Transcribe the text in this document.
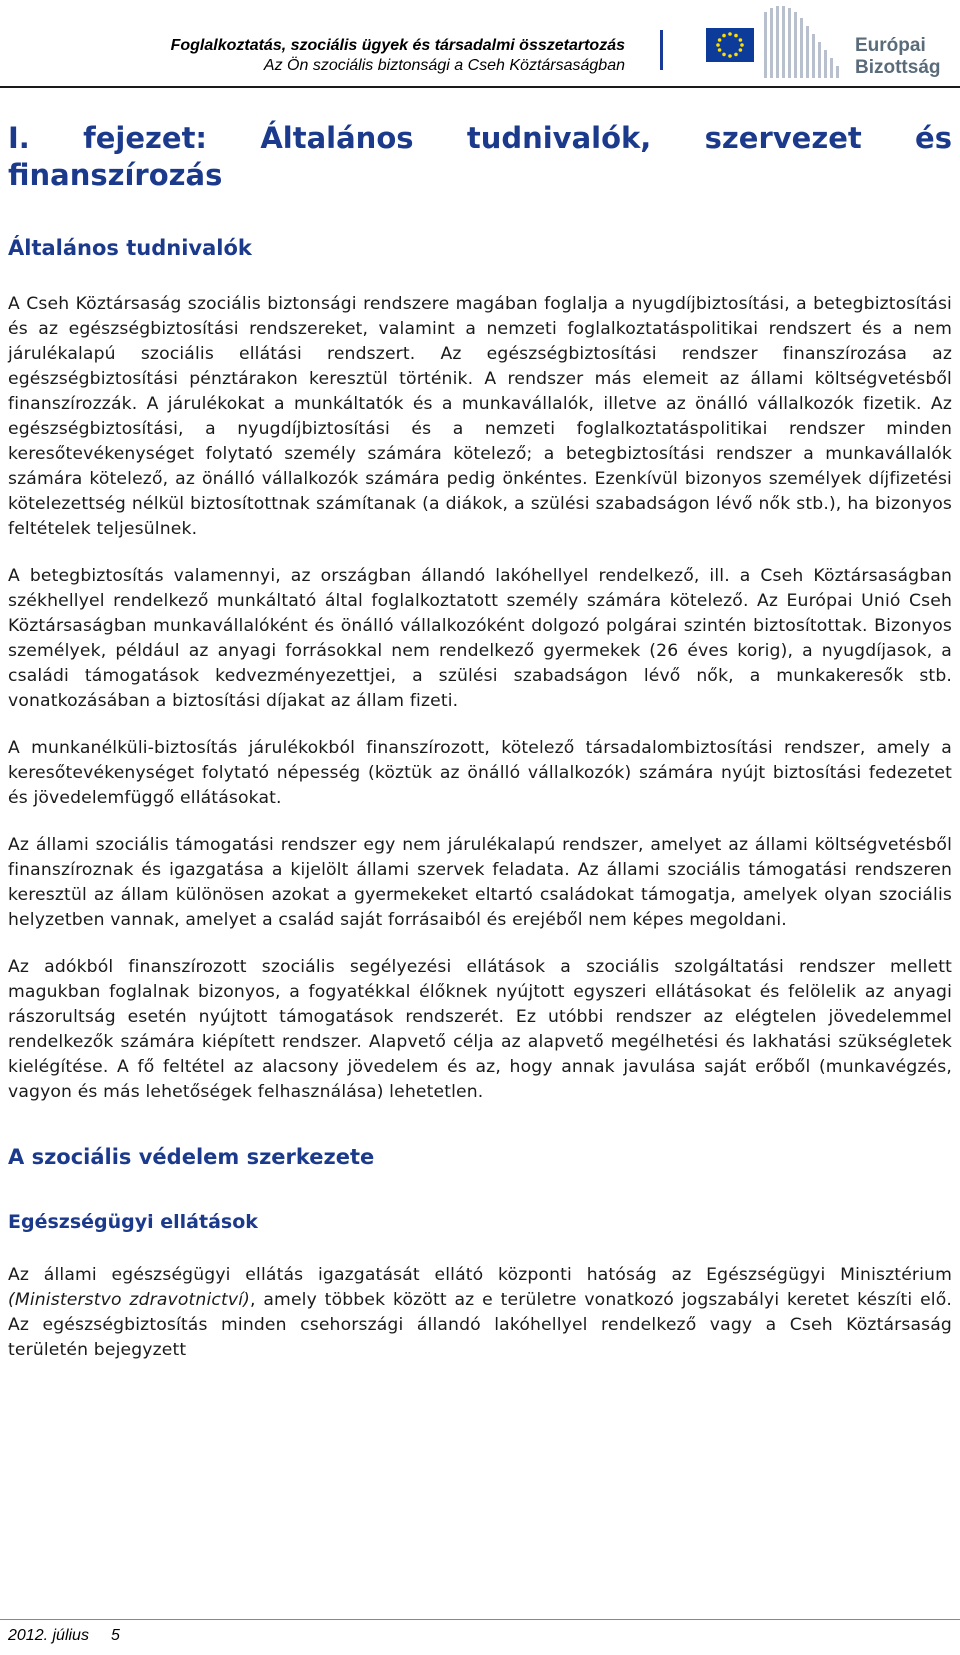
Foglalkoztatás, szociális ügyek és társadalmi összetartozás
Az Ön szociális biztonsági a Cseh Köztársaságban
Európai
Bizottság
I. fejezet: Általános tudnivalók, szervezet és finanszírozás
Általános tudnivalók

A Cseh Köztársaság szociális biztonsági rendszere magában foglalja a nyugdíjbiztosítási, a betegbiztosítási és az egészségbiztosítási rendszereket, valamint a nemzeti foglalkoztatáspolitikai rendszert és a nem járulékalapú szociális ellátási rendszert. Az egészségbiztosítási rendszer finanszírozása az egészségbiztosítási pénztárakon keresztül történik. A rendszer más elemeit az állami költségvetésből finanszírozzák. A járulékokat a munkáltatók és a munkavállalók, illetve az önálló vállalkozók fizetik. Az egészségbiztosítási, a nyugdíjbiztosítási és a nemzeti foglalkoztatáspolitikai rendszer minden keresőtevékenységet folytató személy számára kötelező; a betegbiztosítási rendszer a munkavállalók számára kötelező, az önálló vállalkozók számára pedig önkéntes. Ezenkívül bizonyos személyek díjfizetési kötelezettség nélkül biztosítottnak számítanak (a diákok, a szülési szabadságon lévő nők stb.), ha bizonyos feltételek teljesülnek.

A betegbiztosítás valamennyi, az országban állandó lakóhellyel rendelkező, ill. a Cseh Köztársaságban székhellyel rendelkező munkáltató által foglalkoztatott személy számára kötelező. Az Európai Unió Cseh Köztársaságban munkavállalóként és önálló vállalkozóként dolgozó polgárai szintén biztosítottak. Bizonyos személyek, például az anyagi forrásokkal nem rendelkező gyermekek (26 éves korig), a nyugdíjasok, a családi támogatások kedvezményezettjei, a szülési szabadságon lévő nők, a munkakeresők stb. vonatkozásában a biztosítási díjakat az állam fizeti.

A munkanélküli-biztosítás járulékokból finanszírozott, kötelező társadalombiztosítási rendszer, amely a keresőtevékenységet folytató népesség (köztük az önálló vállalkozók) számára nyújt biztosítási fedezetet és jövedelemfüggő ellátásokat.

Az állami szociális támogatási rendszer egy nem járulékalapú rendszer, amelyet az állami költségvetésből finanszíroznak és igazgatása a kijelölt állami szervek feladata. Az állami szociális támogatási rendszeren keresztül az állam különösen azokat a gyermekeket eltartó családokat támogatja, amelyek olyan szociális helyzetben vannak, amelyet a család saját forrásaiból és erejéből nem képes megoldani.

Az adókból finanszírozott szociális segélyezési ellátások a szociális szolgáltatási rendszer mellett magukban foglalnak bizonyos, a fogyatékkal élőknek nyújtott egyszeri ellátásokat és felölelik az anyagi rászorultság esetén nyújtott támogatások rendszerét. Ez utóbbi rendszer az elégtelen jövedelemmel rendelkezők számára kiépített rendszer. Alapvető célja az alapvető megélhetési és lakhatási szükségletek kielégítése. A fő feltétel az alacsony jövedelem és az, hogy annak javulása saját erőből (munkavégzés, vagyon és más lehetőségek felhasználása) lehetetlen.

A szociális védelem szerkezete
Egészségügyi ellátások

Az állami egészségügyi ellátás igazgatását ellátó központi hatóság az Egészségügyi Minisztérium (Ministerstvo zdravotnictví), amely többek között az e területre vonatkozó jogszabályi keretet készíti elő. Az egészségbiztosítás minden csehországi állandó lakóhellyel rendelkező vagy a Cseh Köztársaság területén bejegyzett

2012. július 5
